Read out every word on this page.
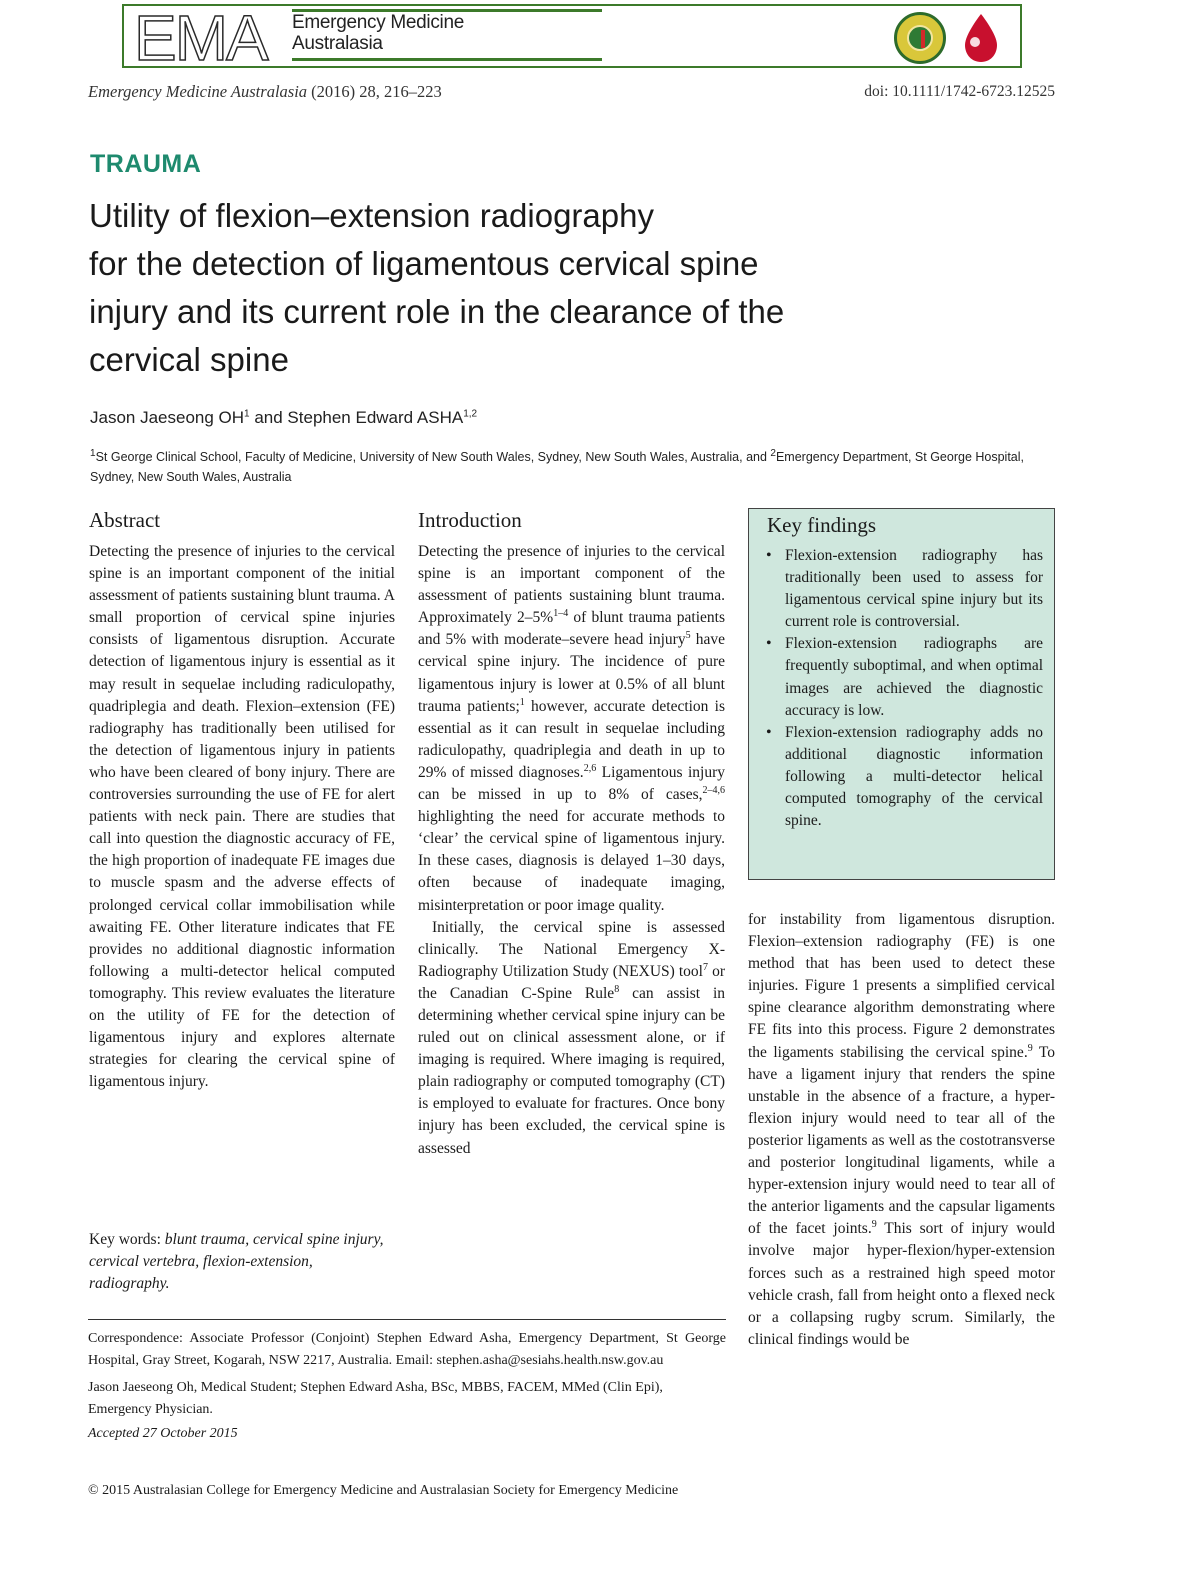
EMA Emergency Medicine
Australasia
Emergency Medicine Australasia (2016) 28, 216–223	doi: 10.1111/1742-6723.12525
TRAUMA
Utility of flexion–extension radiography
for the detection of ligamentous cervical spine
injury and its current role in the clearance of the
cervical spine
Jason Jaeseong $OH^1$ and Stephen Edward ASHA$^{1,2}$
$^1$St George Clinical School, Faculty of Medicine, University of New South Wales, Sydney, New South Wales, Australia, and $^2$Emergency Department, St George Hospital, Sydney, New South Wales, Australia
Abstract
Detecting the presence of injuries to the cervical spine is an important component of the initial assessment of patients sustaining blunt trauma. A small proportion of cervical spine injuries consists of ligamentous disruption. Accurate detection of ligamentous injury is essential as it may result in sequelae including radiculopathy, quadriplegia and death. Flexion–extension (FE) radiography has traditionally been utilised for the detection of ligamentous injury in patients who have been cleared of bony injury. There are controversies surrounding the use of FE for alert patients with neck pain. There are studies that call into question the diagnostic accuracy of FE, the high proportion of inadequate FE images due to muscle spasm and the adverse effects of prolonged cervical collar immobilisation while awaiting FE. Other literature indicates that FE provides no additional diagnostic information following a multi-detector helical computed tomography. This review evaluates the literature on the utility of FE for the detection of ligamentous injury and explores alternate strategies for clearing the cervical spine of ligamentous injury.
Key words: blunt trauma, cervical spine injury, cervical vertebra, flexion-extension, radiography.
Introduction
Detecting the presence of injuries to the cervical spine is an important component of the assessment of patients sustaining blunt trauma. Approximately 2–5%$^{1-4}$ of blunt trauma patients and 5% with moderate–severe head injury$^5$ have cervical spine injury. The incidence of pure ligamentous injury is lower at 0.5% of all blunt trauma patients;$^1$ however, accurate detection is essential as it can result in sequelae including radiculopathy, quadriplegia and death in up to 29% of missed diagnoses.$^{2,6}$ Ligamentous injury can be missed in up to 8% of cases,$^{2-4,6}$ highlighting the need for accurate methods to ‘clear’ the cervical spine of ligamentous injury. In these cases, diagnosis is delayed 1–30 days, often because of inadequate imaging, misinterpretation or poor image quality.
Initially, the cervical spine is assessed clinically. The National Emergency X-Radiography Utilization Study (NEXUS) tool$^7$ or the Canadian C-Spine Rule$^8$ can assist in determining whether cervical spine injury can be ruled out on clinical assessment alone, or if imaging is required. Where imaging is required, plain radiography or computed tomography (CT) is employed to evaluate for fractures. Once bony injury has been excluded, the cervical spine is assessed
Key findings
• Flexion-extension radiography has traditionally been used to assess for ligamentous cervical spine injury but its current role is controversial.
• Flexion-extension radiographs are frequently suboptimal, and when optimal images are achieved the diagnostic accuracy is low.
• Flexion-extension radiography adds no additional diagnostic information following a multi-detector helical computed tomography of the cervical spine.
for instability from ligamentous disruption. Flexion–extension radiography (FE) is one method that has been used to detect these injuries. Figure 1 presents a simplified cervical spine clearance algorithm demonstrating where FE fits into this process. Figure 2 demonstrates the ligaments stabilising the cervical spine.$^9$ To have a ligament injury that renders the spine unstable in the absence of a fracture, a hyper-flexion injury would need to tear all of the posterior ligaments as well as the costotransverse and posterior longitudinal ligaments, while a hyper-extension injury would need to tear all of the anterior ligaments and the capsular ligaments of the facet joints.$^9$ This sort of injury would involve major hyper-flexion/hyper-extension forces such as a restrained high speed motor vehicle crash, fall from height onto a flexed neck or a collapsing rugby scrum. Similarly, the clinical findings would be
Correspondence: Associate Professor (Conjoint) Stephen Edward Asha, Emergency Department, St George Hospital, Gray Street, Kogarah, NSW 2217, Australia. Email: stephen.asha@sesiahs.health.nsw.gov.au
Jason Jaeseong Oh, Medical Student; Stephen Edward Asha, BSc, MBBS, FACEM, MMed (Clin Epi), Emergency Physician.
Accepted 27 October 2015
© 2015 Australasian College for Emergency Medicine and Australasian Society for Emergency Medicine
